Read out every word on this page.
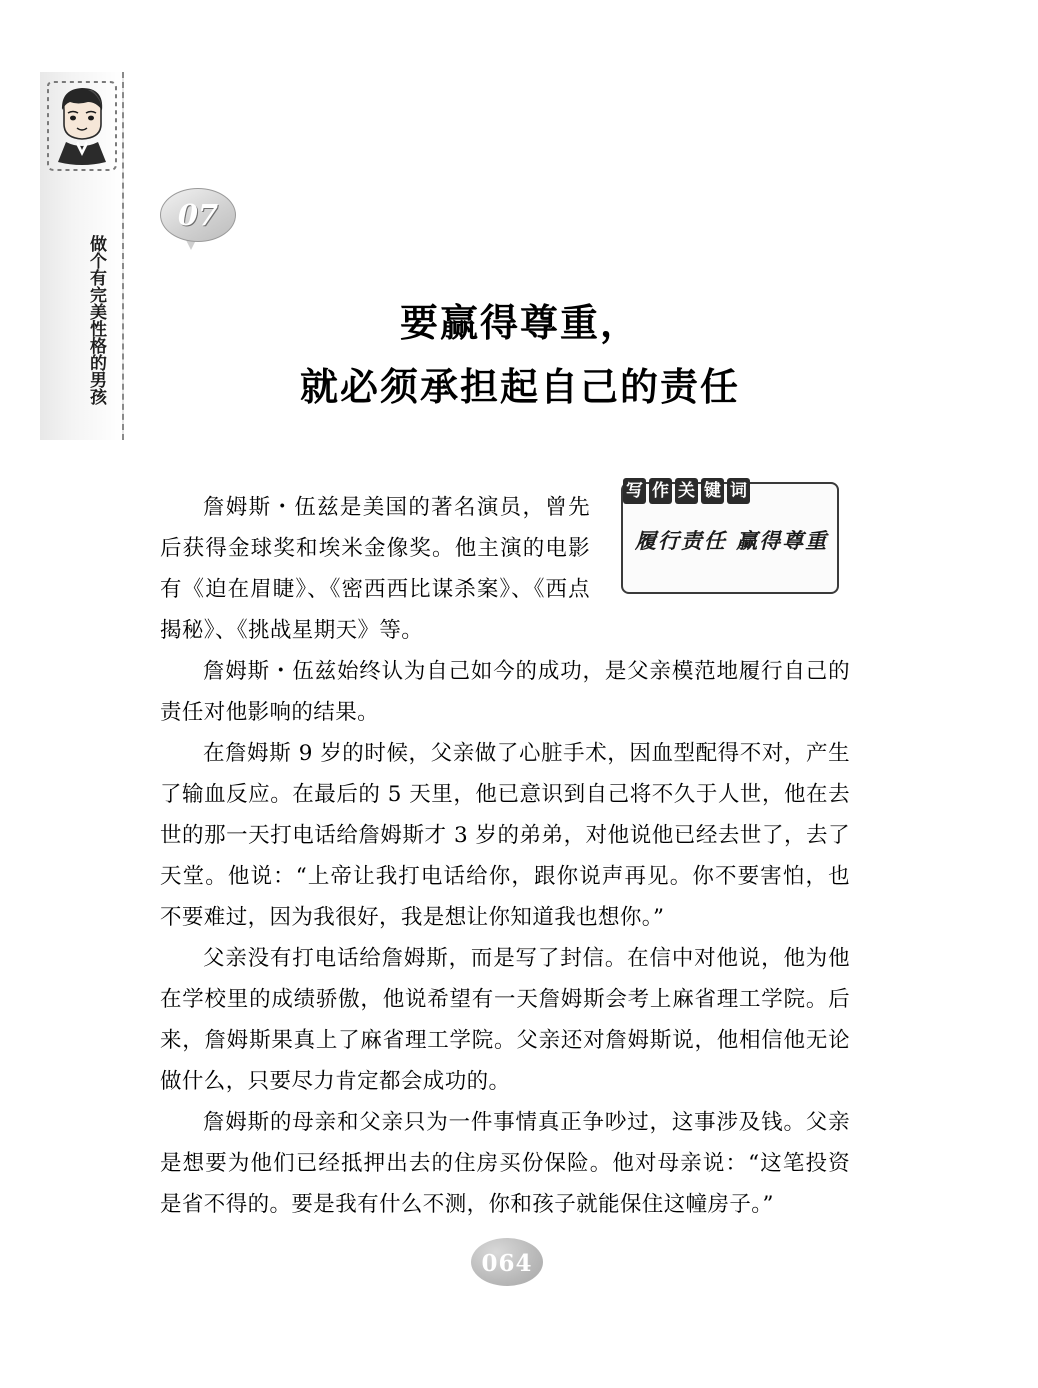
做个有完美性格的男孩
07
要赢得尊重，
就必须承担起自己的责任
写 作 关 键 词
履行责任 赢得尊重

詹姆斯・伍兹是美国的著名演员，曾先后获得金球奖和埃米金像奖。他主演的电影有《迫在眉睫》、《密西西比谋杀案》、《西点揭秘》、《挑战星期天》等。

詹姆斯・伍兹始终认为自己如今的成功，是父亲模范地履行自己的责任对他影响的结果。

在詹姆斯 9 岁的时候，父亲做了心脏手术，因血型配得不对，产生了输血反应。在最后的 5 天里，他已意识到自己将不久于人世，他在去世的那一天打电话给詹姆斯才 3 岁的弟弟，对他说他已经去世了，去了天堂。他说：“上帝让我打电话给你，跟你说声再见。你不要害怕，也不要难过，因为我很好，我是想让你知道我也想你。”

父亲没有打电话给詹姆斯，而是写了封信。在信中对他说，他为他在学校里的成绩骄傲，他说希望有一天詹姆斯会考上麻省理工学院。后来，詹姆斯果真上了麻省理工学院。父亲还对詹姆斯说，他相信他无论做什么，只要尽力肯定都会成功的。

詹姆斯的母亲和父亲只为一件事情真正争吵过，这事涉及钱。父亲是想要为他们已经抵押出去的住房买份保险。他对母亲说：“这笔投资是省不得的。要是我有什么不测，你和孩子就能保住这幢房子。”

064
